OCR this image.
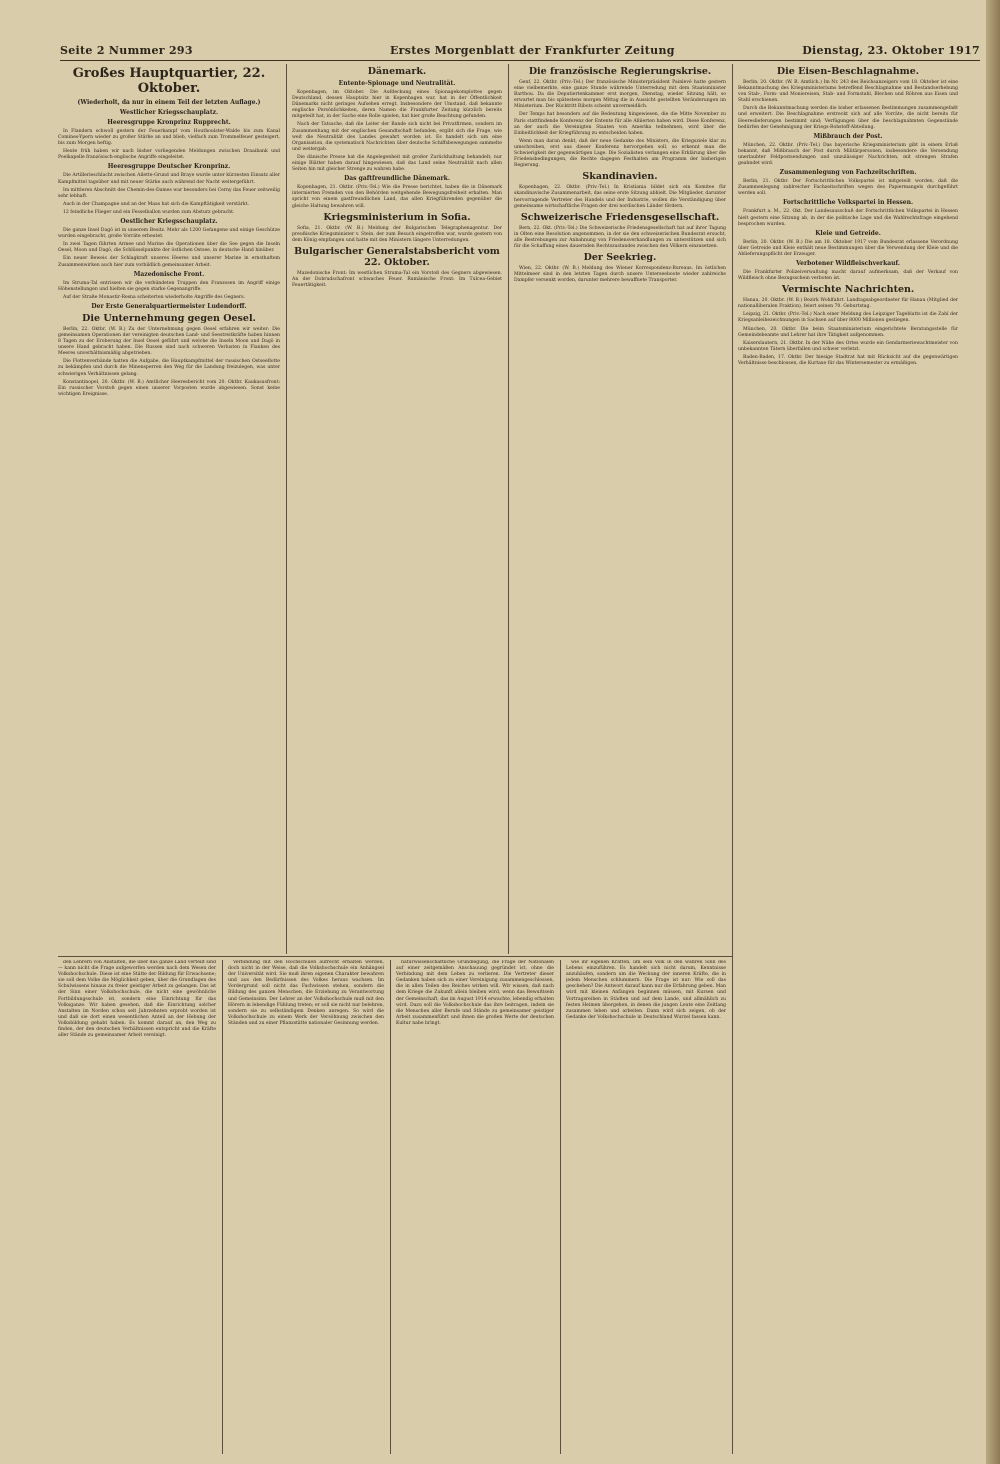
Seite 2 Nummer 293	Erstes Morgenblatt der Frankfurter Zeitung	Dienstag, 23. Oktober 1917
Großes Hauptquartier, 22. Oktober.
(Wiederholt, da nur in einem Teil der letzten Auflage.)
Westlicher Kriegsschauplatz.
Heeresgruppe Kronprinz Rupprecht.

In Flandern schwoll gestern der Feuerkampf vom Houthoulster-Walde bis zum Kanal Comines-Ypern wieder zu großer Stärke an und blieb, vielfach zum Trommelfeuer gesteigert, bis zum Morgen heftig.

Heute früh haben wir nach bisher vorliegenden Meldungen zwischen Draaibank und Poelkapelle französisch-englische Angriffe eingeleitet.

Heeresgruppe Deutscher Kronprinz.

Die Artillerieschlacht zwischen Ailette-Grund und Braye wurde unter kürzesten Einsatz aller Kampfmittel tagsüber und mit neuer Stärke auch während der Nacht weitergeführt.

Im mittleren Abschnitt des Chemin-des-Dames war besonders bei Cerny das Feuer zeitweilig sehr lebhaft.

Auch in der Champagne und an der Maas hat sich die Kampftätigkeit verstärkt.

12 feindliche Flieger und ein Fesselballon wurden zum Absturz gebracht.

Oestlicher Kriegsschauplatz.

Die ganze Insel Dagö ist in unserem Besitz. Mehr als 1200 Gefangene und einige Geschütze wurden eingebracht, große Vorräte erbeutet.

In zwei Tagen führten Armee und Marine die Operationen über die See gegen die Inseln Oesel, Moon und Dagö, die Schlüsselpunkte der östlichen Ostsee, in deutsche Hand hinüber.

Ein neuer Beweis der Schlagkraft unseres Heeres und unserer Marine in ernsthaftem Zusammenwirken auch hier zum vorbildlich gemeinsamer Arbeit.

Mazedonische Front.

Im Struma-Tal entrissen wir die verbündeten Truppen den Franzosen im Angriff einige Höhenstellungen und hielten sie gegen starke Gegenangriffe.

Auf der Straße Monastir-Resna scheiterten wiederholte Angriffe des Gegners.

Der Erste Generalquartiermeister Ludendorff.
Die Unternehmung gegen Oesel.

Berlin, 22. Oktbr. (W. B.) Zu der Unternehmung gegen Oesel erfahren wir weiter: Die gemeinsamen Operationen der vereinigten deutschen Land- und Seestreitkräfte haben binnen 8 Tagen zu der Eroberung der Insel Oesel geführt und welche die Inseln Moon und Dagö in unsere Hand gebracht haben. Die Russen sind nach schweren Verlusten in Flanken des Meeres unverhältnismäßig abgetrieben.

Die Flottenverbände hatten die Aufgabe, die Hauptkampfmittel der russischen Ostseeflotte zu bekämpfen und durch die Minensperren den Weg für die Landung freizulegen, was unter schwierigen Verhältnissen gelang.

Konstantinopel, 20. Oktbr. (W. B.) Amtlicher Heeresbericht vom 20. Oktbr. Kaukasusfront: Ein russischer Vorstoß gegen einen unserer Vorposten wurde abgewiesen. Sonst keine wichtigen Ereignisse.

Dänemark.
Entente-Spionage und Neutralität.

Kopenhagen, im Oktober. Die Aufdeckung eines Spionagekomplottes gegen Deutschland, dessen Hauptsitz hier in Kopenhagen war, hat in der Öffentlichkeit Dänemarks nicht geringes Aufsehen erregt. Insbesondere der Umstand, daß bekannte englische Persönlichkeiten, deren Namen die Frankfurter Zeitung kürzlich bereits mitgeteilt hat, in der Sache eine Rolle spielen, hat hier große Beachtung gefunden.

Nach der Tatsache, daß die Leiter der Bande sich nicht bei Privatfirmen, sondern im Zusammenhang mit der englischen Gesandtschaft befanden, ergibt sich die Frage, wie weit die Neutralität des Landes gewahrt worden ist. Es handelt sich um eine Organisation, die systematisch Nachrichten über deutsche Schiffsbewegungen sammelte und weitergab.

Die dänische Presse hat die Angelegenheit mit großer Zurückhaltung behandelt; nur einige Blätter haben darauf hingewiesen, daß das Land seine Neutralität nach allen Seiten hin mit gleicher Strenge zu wahren habe.

Das gaftfreundliche Dänemark.

Kopenhagen, 21. Oktbr. (Priv.-Tel.) Wie die Presse berichtet, haben die in Dänemark internierten Fremden von den Behörden weitgehende Bewegungsfreiheit erhalten. Man spricht von einem gastfreundlichen Land, das allen Kriegführenden gegenüber die gleiche Haltung bewahren will.

Kriegsministerium in Sofia.

Sofia, 21. Oktbr. (W. B.) Meldung der Bulgarischen Telegraphenagentur. Der preußische Kriegsminister v. Stein, der zum Besuch eingetroffen war, wurde gestern von dem König empfangen und hatte mit den Ministern längere Unterredungen.

Bulgarischer Generalstabsbericht vom 22. Oktober.

Mazedonische Front: Im westlichen Struma-Tal ein Vorstoß des Gegners abgewiesen. An der Dobrudschafront schwaches Feuer. Rumänische Front: Im Tulcea-Gebiet Feuertätigkeit.

Die französische Regierungskrise.

Genf, 22. Oktbr. (Priv.-Tel.) Der französische Ministerpräsident Painlevé hatte gestern eine vielbemerkte, eine ganze Stunde währende Unterredung mit dem Staatsminister Barthou. Da die Deputiertenkammer erst morgen, Dienstag, wieder Sitzung hält, so erwartet man bis spätestens morgen Mittag die in Aussicht gestellten Veränderungen im Ministerium. Der Rücktritt Ribots scheint unvermeidlich.

Der Temps hat besonders auf die Bedeutung hingewiesen, die die Mitte November zu Paris stattfindende Konferenz der Entente für alle Alliierten haben wird. Diese Konferenz, an der auch die Vereinigten Staaten von Amerika teilnehmen, wird über die Einheitlichkeit der Kriegführung zu entscheiden haben.

Wenn man daran denkt, daß der neue Gedanke des Ministers, die Kriegsziele klar zu umschreiben, erst aus dieser Konferenz hervorgehen soll, so erkennt man die Schwierigkeit der gegenwärtigen Lage. Die Sozialisten verlangen eine Erklärung über die Friedensbedingungen, die Rechte dagegen Festhalten am Programm der bisherigen Regierung.

Skandinavien.

Kopenhagen, 22. Oktbr. (Priv.-Tel.) In Kristiania bildet sich ein Komitee für skandinavische Zusammenarbeit, das seine erste Sitzung abhielt. Die Mitglieder, darunter hervorragende Vertreter des Handels und der Industrie, wollen die Verständigung über gemeinsame wirtschaftliche Fragen der drei nordischen Länder fördern.

Schweizerische Friedensgesellschaft.

Bern, 22. Okt. (Priv.-Tel.) Die Schweizerische Friedensgesellschaft hat auf ihrer Tagung in Olten eine Resolution angenommen, in der sie den schweizerischen Bundesrat ersucht, alle Bestrebungen zur Anbahnung von Friedensverhandlungen zu unterstützen und sich für die Schaffung eines dauernden Rechtszustandes zwischen den Völkern einzusetzen.

Der Seekrieg.

Wien, 22. Oktbr. (W. B.) Meldung des Wiener Korrespondenz-Bureaus. Im östlichen Mittelmeer sind in den letzten Tagen durch unsere Unterseeboote wieder zahlreiche Dampfer versenkt worden, darunter mehrere bewaffnete Transporter.

Die Eisen-Beschlagnahme.

Berlin, 20. Oktbr. (W. B. Amtlich.) Im Nr. 243 des Reichsanzeigers vom 18. Oktober ist eine Bekanntmachung des Kriegsministeriums betreffend Beschlagnahme und Bestandserhebung von Stab-, Form- und Moniereisen, Stab- und Formstahl, Blechen und Röhren aus Eisen und Stahl erschienen.

Durch die Bekanntmachung werden die bisher erlassenen Bestimmungen zusammengefaßt und erweitert. Die Beschlagnahme erstreckt sich auf alle Vorräte, die nicht bereits für Heereslieferungen bestimmt sind; Verfügungen über die beschlagnahmten Gegenstände bedürfen der Genehmigung der Kriegs-Rohstoff-Abteilung.

Mißbrauch der Post.

München, 22. Oktbr. (Priv.-Tel.) Das bayerische Kriegsministerium gibt in einem Erlaß bekannt, daß Mißbrauch der Post durch Militärpersonen, insbesondere die Versendung unerlaubter Feldpostsendungen und unzulässiger Nachrichten, mit strengen Strafen geahndet wird.

Zusammenlegung von Fachzeitschriften.

Berlin, 21. Oktbr. Der Fortschrittlichen Volkspartei ist mitgeteilt worden, daß die Zusammenlegung zahlreicher Fachzeitschriften wegen des Papiermangels durchgeführt werden soll.

Fortschrittliche Volkspartei in Hessen.

Frankfurt a. M., 22. Okt. Der Landesausschuß der Fortschrittlichen Volkspartei in Hessen hielt gestern eine Sitzung ab, in der die politische Lage und die Wahlrechtsfrage eingehend besprochen wurden.

Kleie und Getreide.

Berlin, 20. Oktbr. (W. B.) Die am 18. Oktober 1917 vom Bundesrat erlassene Verordnung über Getreide und Kleie enthält neue Bestimmungen über die Verwendung der Kleie und die Ablieferungspflicht der Erzeuger.

Verbotener Wildfleischverkauf.

Die Frankfurter Polizeiverwaltung macht darauf aufmerksam, daß der Verkauf von Wildfleisch ohne Bezugsschein verboten ist.

Vermischte Nachrichten.

Hanau, 20. Oktbr. (W. B.) Bezirk Wohlfahrt. Landtagsabgeordneter für Hanau (Mitglied der nationalliberalen Fraktion), feiert seinen 70. Geburtstag.

Leipzig, 21. Oktbr. (Priv.-Tel.) Nach einer Meldung des Leipziger Tageblatts ist die Zahl der Kriegsanleihezeichnungen in Sachsen auf über 8000 Millionen gestiegen.

München, 20. Oktbr. Die beim Staatsministerium eingerichtete Beratungsstelle für Gemeindebeamte und Lehrer hat ihre Tätigkeit aufgenommen.

Kaiserslautern, 21. Oktbr. In der Nähe des Ortes wurde ein Gendarmeriewachtmeister von unbekannten Tätern überfallen und schwer verletzt.

Baden-Baden, 17. Oktbr. Der hiesige Stadtrat hat mit Rücksicht auf die gegenwärtigen Verhältnisse beschlossen, die Kurtaxe für das Wintersemester zu ermäßigen.

den Lehrern von Anstalten, die über das ganze Land verteilt sind — kann nicht die Frage aufgeworfen werden nach dem Wesen der Volkshochschule. Diese ist eine Stätte der Bildung für Erwachsene; sie soll dem Volke die Möglichkeit geben, über die Grundlagen des Schulwissens hinaus zu freier geistiger Arbeit zu gelangen. Das ist der Sinn einer Volkshochschule, die nicht eine gewöhnliche Fortbildungsschule ist, sondern eine Einrichtung für das Volksganze. Wir haben gesehen, daß die Einrichtung solcher Anstalten im Norden schon seit Jahrzehnten erprobt worden ist und daß sie dort einen wesentlichen Anteil an der Hebung der Volksbildung gehabt haben. Es kommt darauf an, den Weg zu finden, der den deutschen Verhältnissen entspricht und die Kräfte aller Stände zu gemeinsamer Arbeit vereinigt.

Verbindung mit den Hochschulen aufrecht erhalten werden, doch nicht in der Weise, daß die Volkshochschule ein Anhängsel der Universität wird. Sie muß ihren eigenen Charakter bewahren und aus den Bedürfnissen des Volkes heraus wachsen. Im Vordergrund soll nicht das Fachwissen stehen, sondern die Bildung des ganzen Menschen, die Erziehung zu Verantwortung und Gemeinsinn. Der Lehrer an der Volkshochschule muß mit den Hörern in lebendige Fühlung treten; er soll sie nicht nur belehren, sondern sie zu selbständigem Denken anregen. So wird die Volkshochschule zu einem Werk der Versöhnung zwischen den Ständen und zu einer Pflanzstätte nationaler Gesinnung werden.

naturwissenschaftliche Grundlegung, die Frage der Nationalen auf einer zeitgemäßen Anschauung gegründet ist, ohne die Verbindung mit dem Leben zu verlieren. Die Vertreter dieser Gedanken haben sich zu einer Vereinigung zusammengeschlossen, die in allen Teilen des Reiches wirken will. Wir wissen, daß nach dem Kriege die Zukunft allein bleiben wird, wenn das Bewußtsein der Gemeinschaft, das im August 1914 erwachte, lebendig erhalten wird. Dazu soll die Volkshochschule das ihre beitragen, indem sie die Menschen aller Berufe und Stände zu gemeinsamer geistiger Arbeit zusammenführt und ihnen die großen Werte der deutschen Kultur nahe bringt.

wie ihr eigenen Kräften, um sein Volk in den wahren Sinn des Lebens einzuführen. Es handelt sich nicht darum, Kenntnisse anzuhäufen, sondern um die Weckung der inneren Kräfte, die in jedem Menschen schlummern. Die Frage ist nur: Wie soll das geschehen? Die Antwort darauf kann nur die Erfahrung geben. Man wird mit kleinen Anfängen beginnen müssen, mit Kursen und Vortragsreihen in Städten und auf dem Lande, und allmählich zu festen Heimen übergehen, in denen die jungen Leute eine Zeitlang zusammen leben und arbeiten. Dann wird sich zeigen, ob der Gedanke der Volkshochschule in Deutschland Wurzel fassen kann.
